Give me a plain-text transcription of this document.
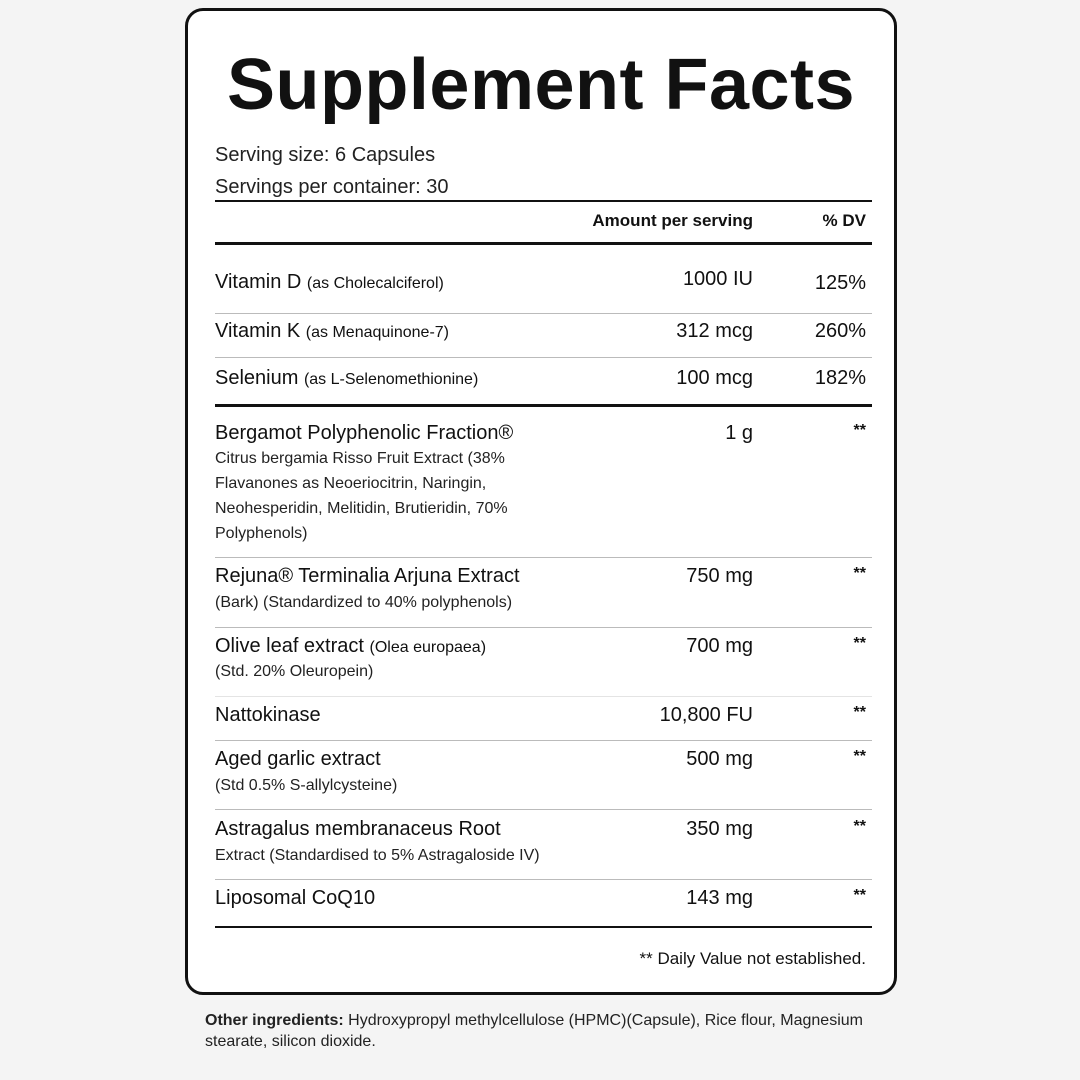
Supplement Facts
Serving size: 6 Capsules
Servings per container: 30
Amount per serving	% DV
Vitamin D (as Cholecalciferol)	1000 IU	125%
Vitamin K (as Menaquinone-7)	312 mcg	260%
Selenium (as L-Selenomethionine)	100 mcg	182%
Bergamot Polyphenolic Fraction®	1 g	**
Citrus bergamia Risso Fruit Extract (38%
Flavanones as Neoeriocitrin, Naringin,
Neohesperidin, Melitidin, Brutieridin, 70%
Polyphenols)
Rejuna® Terminalia Arjuna Extract	750 mg	**
(Bark) (Standardized to 40% polyphenols)
Olive leaf extract (Olea europaea)	700 mg	**
(Std. 20% Oleuropein)
Nattokinase	10,800 FU	**
Aged garlic extract	500 mg	**
(Std 0.5% S-allylcysteine)
Astragalus membranaceus Root	350 mg	**
Extract (Standardised to 5% Astragaloside IV)
Liposomal CoQ10	143 mg	**
** Daily Value not established.
Other ingredients: Hydroxypropyl methylcellulose (HPMC)(Capsule), Rice flour, Magnesium stearate, silicon dioxide.
